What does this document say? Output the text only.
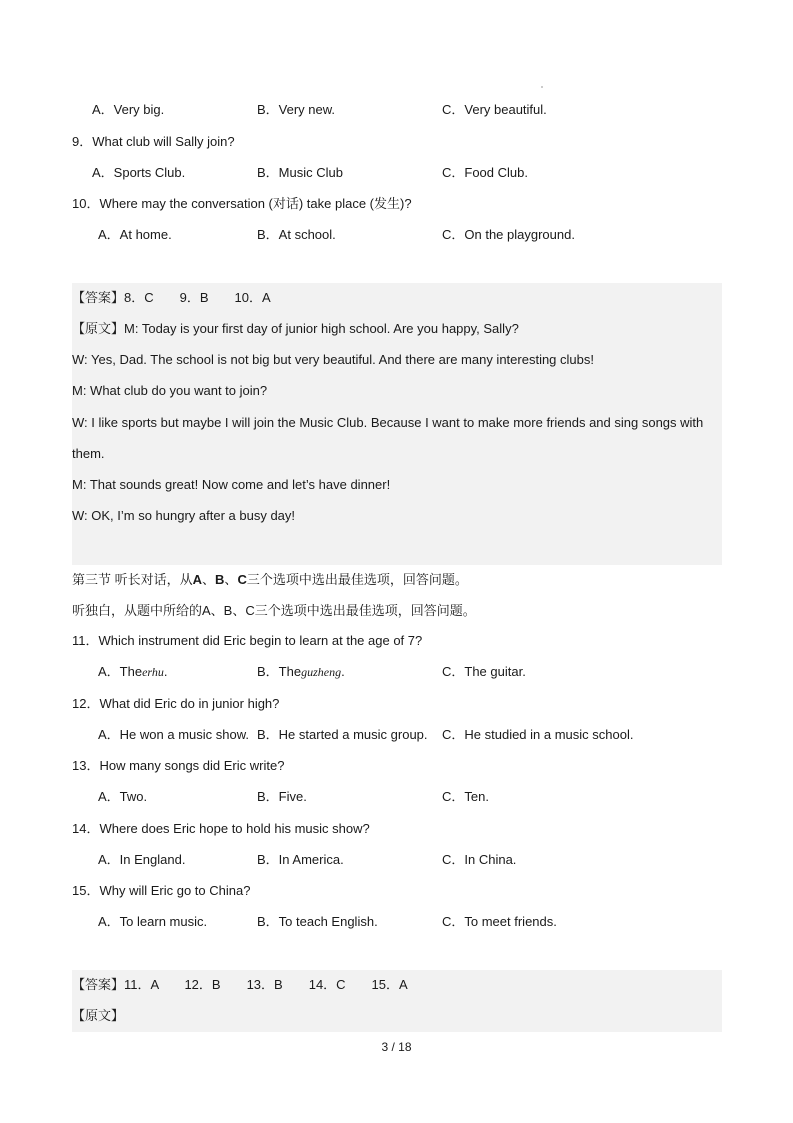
A．Very big.	B．Very new.	C．Very beautiful.
9．What club will Sally join?
A．Sports Club.	B．Music Club	C．Food Club.
10．Where may the conversation (对话) take place (发生)?
A．At home.	B．At school.	C．On the playground.
【答案】8．C　　9．B　　10．A
【原文】M: Today is your first day of junior high school. Are you happy, Sally?
W: Yes, Dad. The school is not big but very beautiful. And there are many interesting clubs!
M: What club do you want to join?
W: I like sports but maybe I will join the Music Club. Because I want to make more friends and sing songs with
them.
M: That sounds great! Now come and let’s have dinner!
W: OK, I’m so hungry after a busy day!
第三节 听长对话，从A、B、C三个选项中选出最佳选项，回答问题。
听独白，从题中所给的A、B、C三个选项中选出最佳选项，回答问题。
11．Which instrument did Eric begin to learn at the age of 7?
A．Theerhu.	B．Theguzheng.	C．The guitar.
12．What did Eric do in junior high?
A．He won a music show. B．He started a music group. C．He studied in a music school.
13．How many songs did Eric write?
A．Two.	B．Five.	C．Ten.
14．Where does Eric hope to hold his music show?
A．In England.	B．In America.	C．In China.
15．Why will Eric go to China?
A．To learn music.	B．To teach English.	C．To meet friends.
【答案】11．A　　12．B　　13．B　　14．C　　15．A
【原文】
3 / 18
